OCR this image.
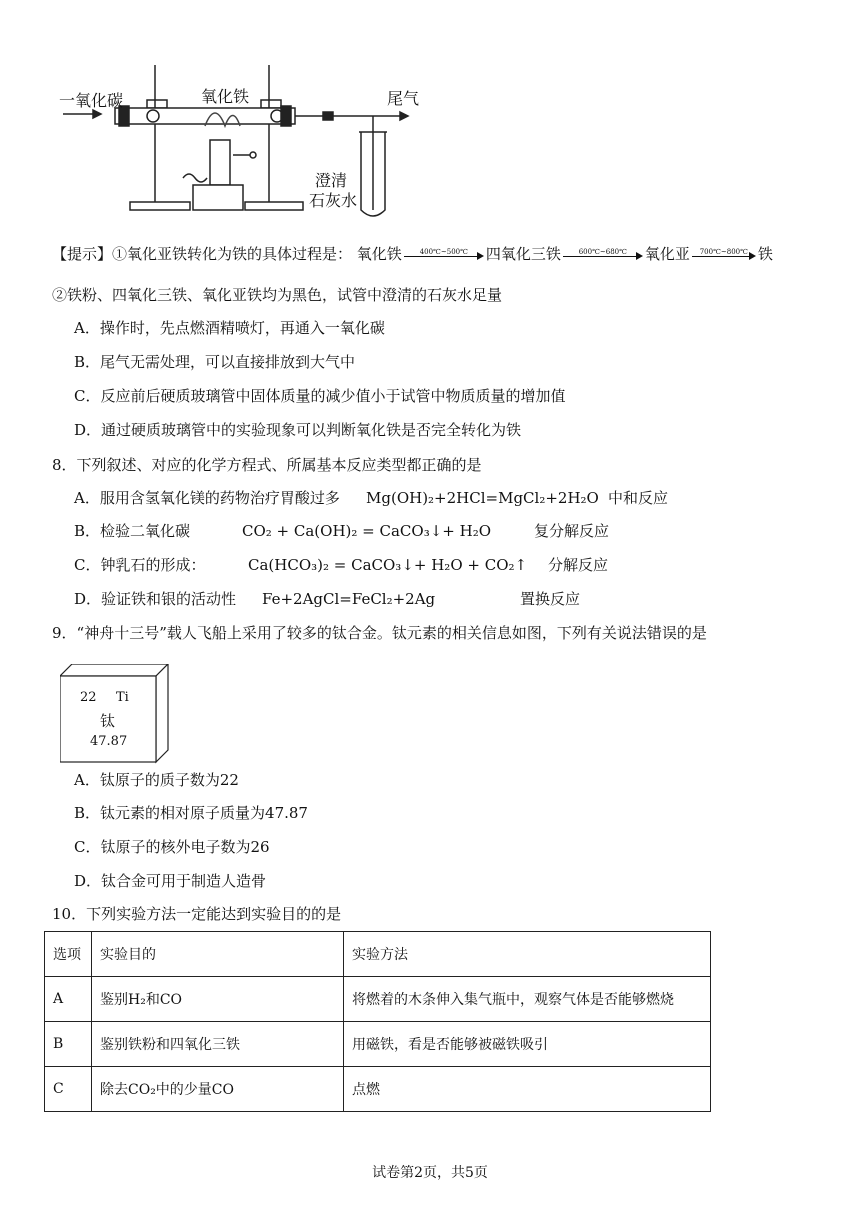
一氧化碳	氧化铁	尾气
澄清
石灰水
【提示】①氧化亚铁转化为铁的具体过程是： 氧化铁	400℃~500℃	四氧化三铁	600℃~680℃	氧化亚	700℃~800℃ 铁
②铁粉、四氧化三铁、氧化亚铁均为黑色，试管中澄清的石灰水足量
A．操作时，先点燃酒精喷灯，再通入一氧化碳
B．尾气无需处理，可以直接排放到大气中
C．反应前后硬质玻璃管中固体质量的减少值小于试管中物质质量的增加值
D．通过硬质玻璃管中的实验现象可以判断氧化铁是否完全转化为铁
8．下列叙述、对应的化学方程式、所属基本反应类型都正确的是
A．服用含氢氧化镁的药物治疗胃酸过多 Mg(OH)₂+2HCl=MgCl₂+2H₂O 中和反应
B．检验二氧化碳	CO₂ + Ca(OH)₂ = CaCO₃↓+ H₂O	复分解反应
C．钟乳石的形成：	Ca(HCO₃)₂ = CaCO₃↓+ H₂O + CO₂↑ 分解反应
D．验证铁和银的活动性 Fe+2AgCl=FeCl₂+2Ag	置换反应
9．“神舟十三号”载人飞船上采用了较多的钛合金。钛元素的相关信息如图，下列有关说法错误的是
22 Ti
钛
47.87
A．钛原子的质子数为22
B．钛元素的相对原子质量为47.87
C．钛原子的核外电子数为26
D．钛合金可用于制造人造骨
10．下列实验方法一定能达到实验目的的是
选项	实验目的	实验方法
A	鉴别H₂和CO	将燃着的木条伸入集气瓶中，观察气体是否能够燃烧
B	鉴别铁粉和四氧化三铁	用磁铁，看是否能够被磁铁吸引
C	除去CO₂中的少量CO	点燃
试卷第2页，共5页
